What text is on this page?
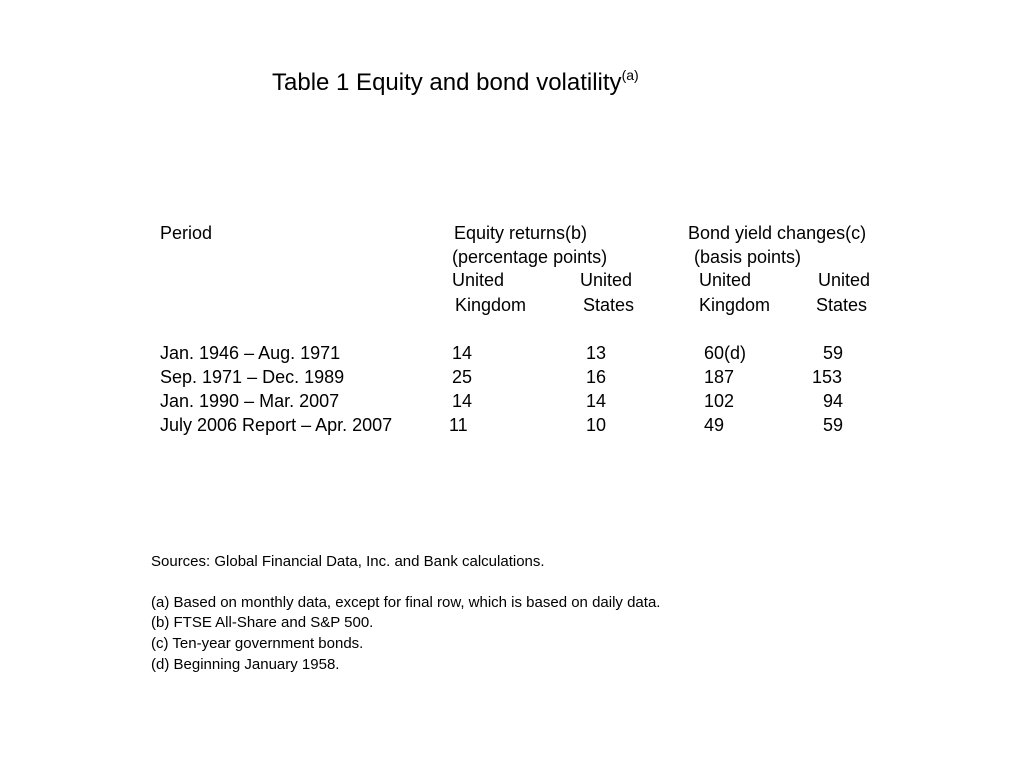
Table 1 Equity and bond volatility$^{(a)}$
Period	Equity returns(b)	Bond yield changes(c)
(percentage points)	(basis points)
United	United	United	United
Kingdom	States	Kingdom	States
Jan. 1946 – Aug. 1971	14	13	60(d)	59
Sep. 1971 – Dec. 1989	25	16	187	153
Jan. 1990 – Mar. 2007	14	14	102	94
July 2006 Report – Apr. 2007	11	10	49	59
Sources: Global Financial Data, Inc. and Bank calculations.
(a) Based on monthly data, except for final row, which is based on daily data.
(b) FTSE All-Share and S&P 500.
(c) Ten-year government bonds.
(d) Beginning January 1958.
